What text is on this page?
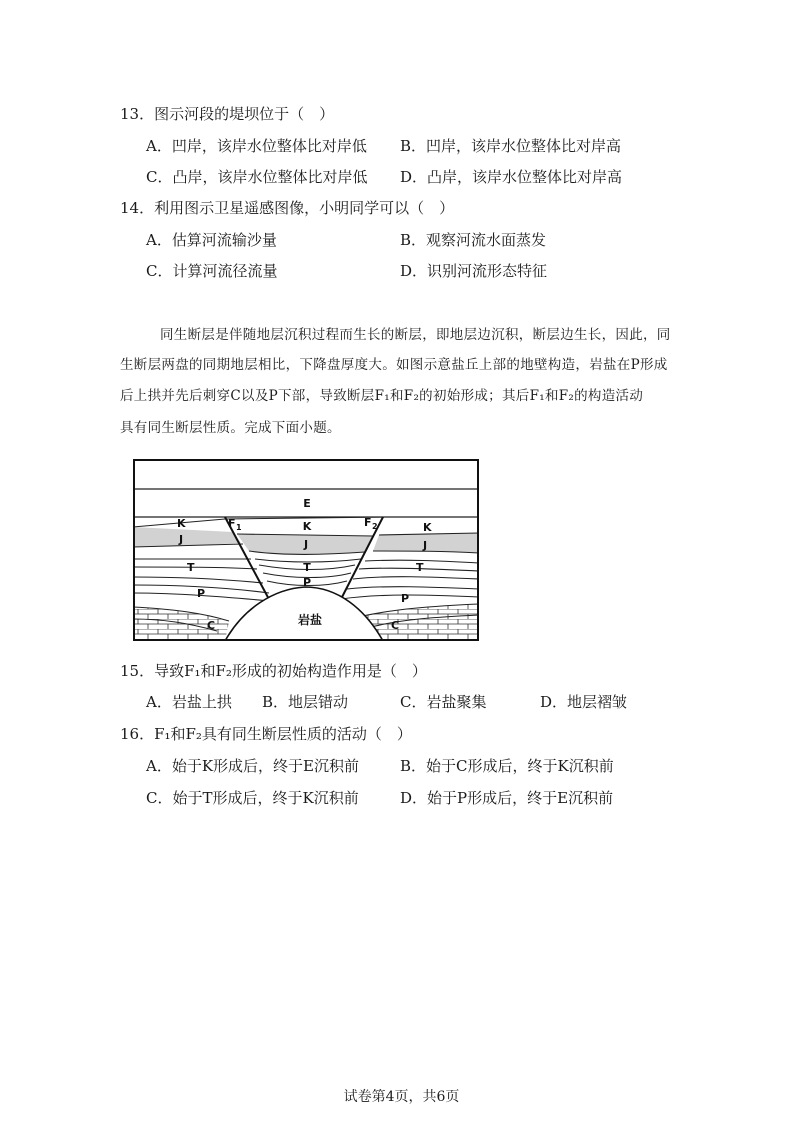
13．图示河段的堤坝位于（　）
A．凹岸，该岸水位整体比对岸低 B．凹岸，该岸水位整体比对岸高
C．凸岸，该岸水位整体比对岸低 D．凸岸，该岸水位整体比对岸高
14．利用图示卫星遥感图像，小明同学可以（　）
A．估算河流输沙量	B．观察河流水面蒸发
C．计算河流径流量	D．识别河流形态特征
同生断层是伴随地层沉积过程而生长的断层，即地层边沉积，断层边生长，因此，同
生断层两盘的同期地层相比，下降盘厚度大。如图示意盐丘上部的地壁构造，岩盐在P形成
后上拱并先后刺穿C以及P下部，导致断层F₁和F₂的初始形成；其后F₁和F₂的构造活动
具有同生断层性质。完成下面小题。
E
K	K	K
J	J	J
T	T	T
P
P
P
C	C
F 1	F 2
岩盐
15．导致F₁和F₂形成的初始构造作用是（　）
A．岩盐上拱 B．地层错动	C．岩盐聚集	D．地层褶皱
16．F₁和F₂具有同生断层性质的活动（　）
A．始于K形成后，终于E沉积前	B．始于C形成后，终于K沉积前
C．始于T形成后，终于K沉积前	D．始于P形成后，终于E沉积前
试卷第4页，共6页
